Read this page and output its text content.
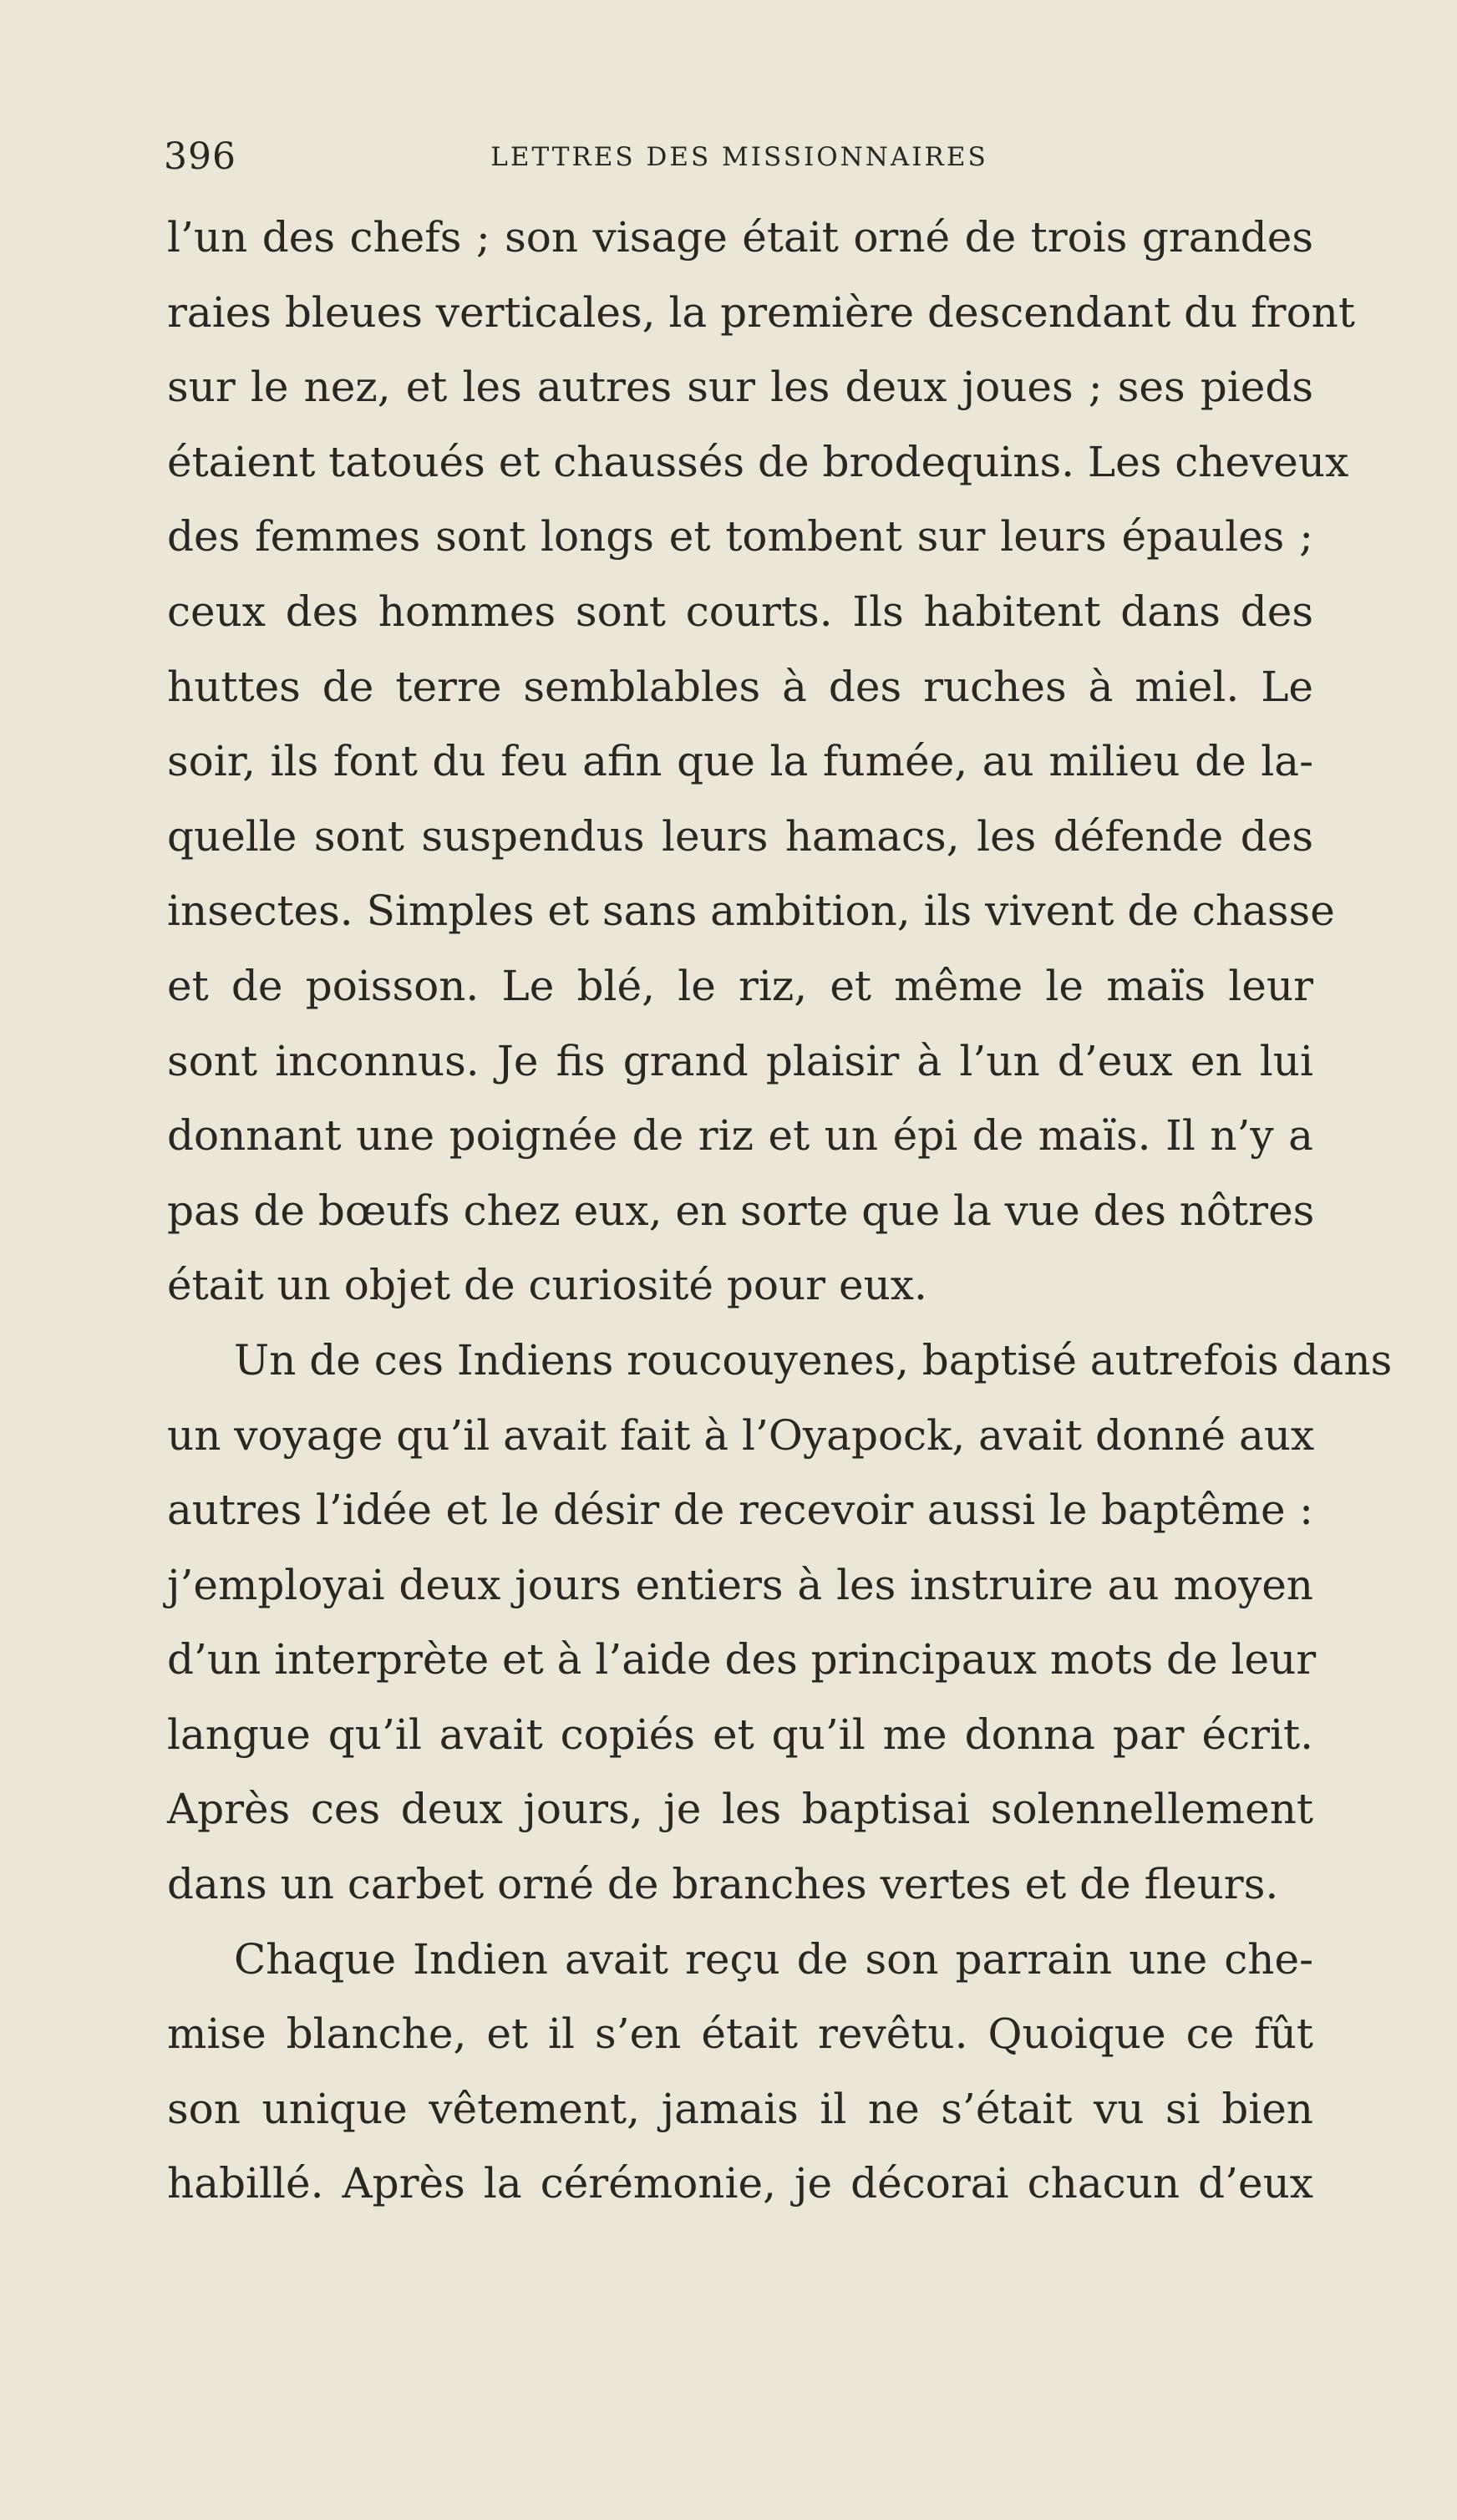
396	LETTRES DES MISSIONNAIRES
l’un des chefs ; son visage était orné de trois grandes
raies bleues verticales, la première descendant du front
sur le nez, et les autres sur les deux joues ; ses pieds
étaient tatoués et chaussés de brodequins. Les cheveux
des femmes sont longs et tombent sur leurs épaules ;
ceux des hommes sont courts. Ils habitent dans des
huttes de terre semblables à des ruches à miel. Le
soir, ils font du feu afin que la fumée, au milieu de la-
quelle sont suspendus leurs hamacs, les défende des
insectes. Simples et sans ambition, ils vivent de chasse
et de poisson. Le blé, le riz, et même le maïs leur
sont inconnus. Je fis grand plaisir à l’un d’eux en lui
donnant une poignée de riz et un épi de maïs. Il n’y a
pas de bœufs chez eux, en sorte que la vue des nôtres
était un objet de curiosité pour eux.
Un de ces Indiens roucouyenes, baptisé autrefois dans
un voyage qu’il avait fait à l’Oyapock, avait donné aux
autres l’idée et le désir de recevoir aussi le baptême :
j’employai deux jours entiers à les instruire au moyen
d’un interprète et à l’aide des principaux mots de leur
langue qu’il avait copiés et qu’il me donna par écrit.
Après ces deux jours, je les baptisai solennellement
dans un carbet orné de branches vertes et de fleurs.
Chaque Indien avait reçu de son parrain une che-
mise blanche, et il s’en était revêtu. Quoique ce fût
son unique vêtement, jamais il ne s’était vu si bien
habillé. Après la cérémonie, je décorai chacun d’eux
